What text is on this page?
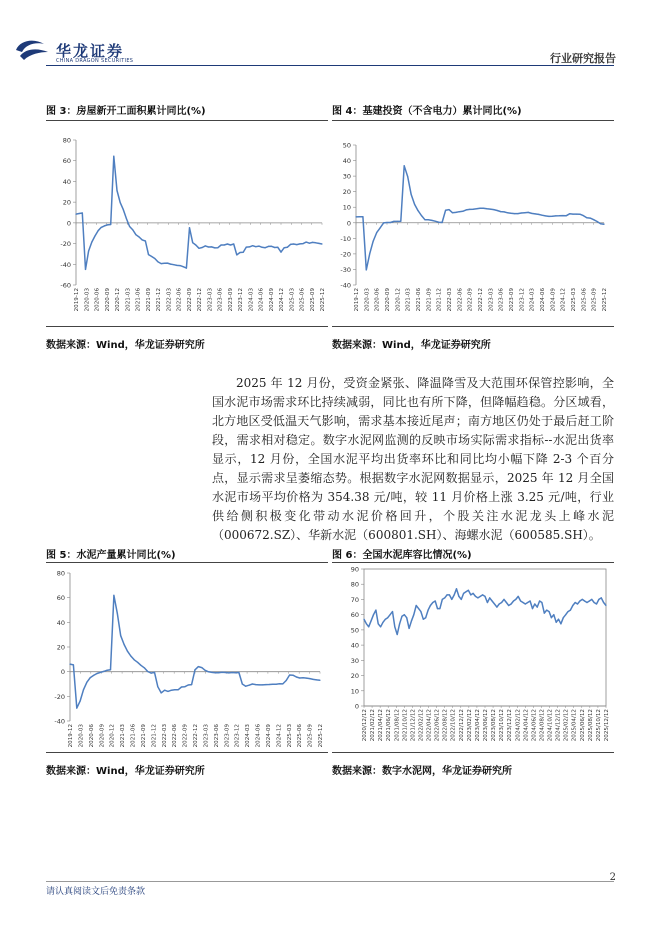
华龙证券
CHINA DRAGON SECURITIES	行业研究报告
图 3：房屋新开工面积累计同比(%)
-60
-40
-20
0
20
40
60
80
2019-12 2020-03 2020-06 2020-09 2020-12 2021-03 2021-06 2021-09 2021-12 2022-03 2022-06 2022-09 2022-12 2023-03 2023-06 2023-09 2023-12 2024-03 2024-06 2024-09 2024-12 2025-03 2025-06 2025-09 2025-12
数据来源：Wind，华龙证券研究所
图 4：基建投资（不含电力）累计同比(%)
-40
-30
-20
-10
0
10
20
30
40
50
2019-12 2020-03 2020-06 2020-09 2020-12 2021-03 2021-06 2021-09 2021-12 2022-03 2022-06 2022-09 2022-12 2023-03 2023-06 2023-09 2023-12 2024-03 2024-06 2024-09 2024-12 2025-03 2025-06 2025-09 2025-12
数据来源：Wind，华龙证券研究所

2025 年 12 月份，受资金紧张、降温降雪及大范围环保管控影响，全国水泥市场需求环比持续减弱，同比也有所下降，但降幅趋稳。分区域看，北方地区受低温天气影响，需求基本接近尾声；南方地区仍处于最后赶工阶段，需求相对稳定。数字水泥网监测的反映市场实际需求指标--水泥出货率显示，12 月份，全国水泥平均出货率环比和同比均小幅下降 2-3 个百分点，显示需求呈萎缩态势。根据数字水泥网数据显示，2025 年 12 月全国水泥市场平均价格为 354.38 元/吨，较 11 月价格上涨 3.25 元/吨，行业供给侧积极变化带动水泥价格回升，个股关注水泥龙头上峰水泥（000672.SZ）、华新水泥（600801.SH）、海螺水泥（600585.SH）。

图 5：水泥产量累计同比(%)
-40
-20
0
20
40
60
80
2019-12 2020-03 2020-06 2020-09 2020-12 2021-03 2021-06 2021-09 2021-12 2022-03 2022-06 2022-09 2022-12 2023-03 2023-06 2023-09 2023-12 2024-03 2024-06 2024-09 2024-12 2025-03 2025-06 2025-09 2025-12
数据来源：Wind，华龙证券研究所
图 6：全国水泥库容比情况(%)
0
10
20
30
40
50
60
70
80
90
2020/12/12 2021/02/12 2021/04/12 2021/06/12 2021/08/12 2021/10/12 2021/12/12 2022/02/12 2022/04/12 2022/06/12 2022/08/12 2022/10/12 2022/12/12 2023/02/12 2023/04/12 2023/06/12 2023/08/12 2023/10/12 2023/12/12 2024/02/12 2024/04/12 2024/06/12 2024/08/12 2024/10/12 2024/12/12 2025/02/12 2025/04/12 2025/06/12 2025/08/12 2025/10/12 2025/12/12
数据来源：数字水泥网，华龙证券研究所
2
请认真阅读文后免责条款
